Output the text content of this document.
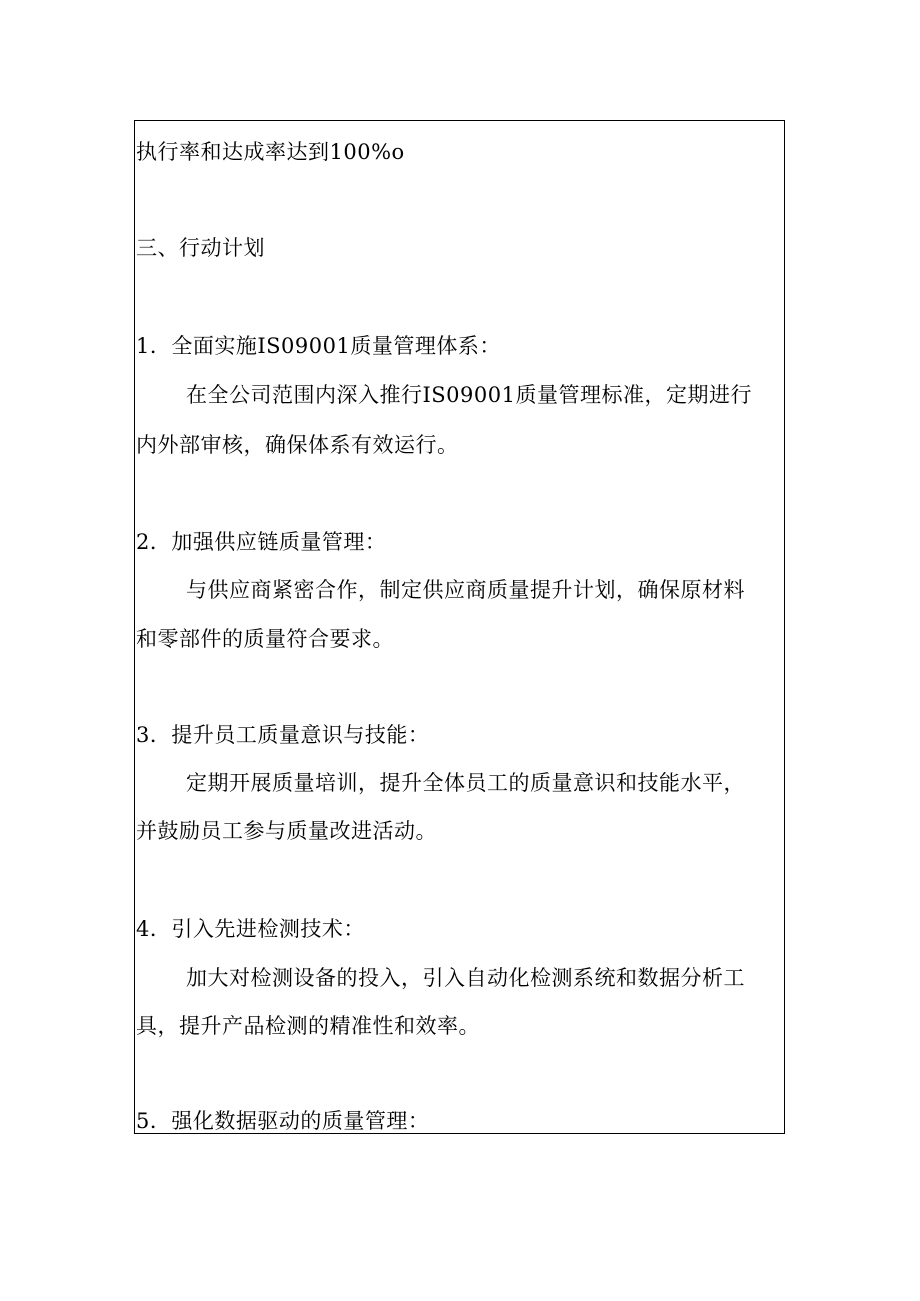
执行率和达成率达到100%o
三、行动计划
1．全面实施IS09001质量管理体系：
在全公司范围内深入推行IS09001质量管理标准，定期进行
内外部审核，确保体系有效运行。
2．加强供应链质量管理：
与供应商紧密合作，制定供应商质量提升计划，确保原材料
和零部件的质量符合要求。
3．提升员工质量意识与技能：
定期开展质量培训，提升全体员工的质量意识和技能水平，
并鼓励员工参与质量改进活动。
4．引入先进检测技术：
加大对检测设备的投入，引入自动化检测系统和数据分析工
具，提升产品检测的精准性和效率。
5．强化数据驱动的质量管理：
